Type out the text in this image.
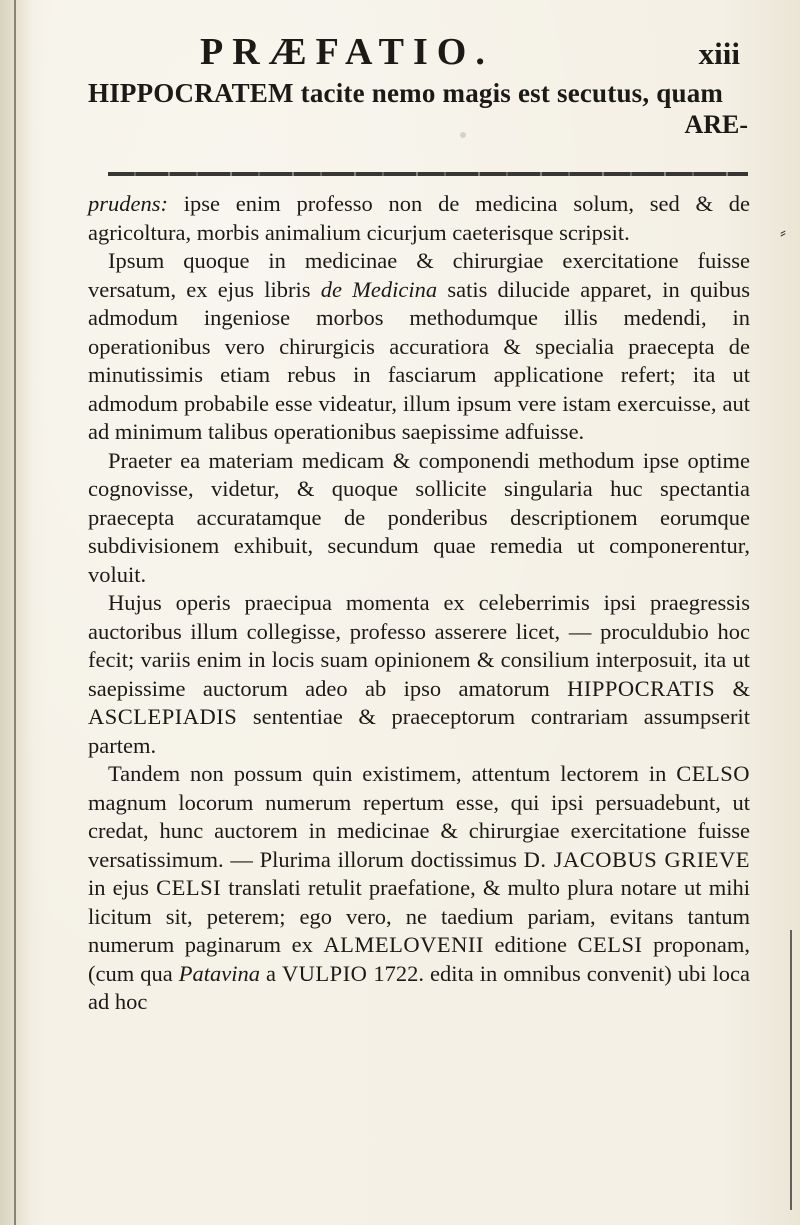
PRÆFATIO.	xiii
HIPPOCRATEM tacite nemo magis est secutus, quam
ARE-
⸗

prudens: ipse enim professo non de medicina solum, sed & de agricoltura, morbis animalium cicurjum caeterisque scripsit.

Ipsum quoque in medicinae & chirurgiae exercitatione fuisse versatum, ex ejus libris de Medicina satis dilucide apparet, in quibus admodum ingeniose morbos methodumque illis medendi, in operationibus vero chirurgicis accuratiora & specialia praecepta de minutissimis etiam rebus in fasciarum applicatione refert; ita ut admodum probabile esse videatur, illum ipsum vere istam exercuisse, aut ad minimum talibus operationibus saepissime adfuisse.

Praeter ea materiam medicam & componendi methodum ipse optime cognovisse, videtur, & quoque sollicite singularia huc spectantia praecepta accuratamque de ponderibus descriptionem eorumque subdivisionem exhibuit, secundum quae remedia ut componerentur, voluit.

Hujus operis praecipua momenta ex celeberrimis ipsi praegressis auctoribus illum collegisse, professo asserere licet, — proculdubio hoc fecit; variis enim in locis suam opinionem & consilium interposuit, ita ut saepissime auctorum adeo ab ipso amatorum HIPPOCRATIS & ASCLEPIADIS sententiae & praeceptorum contrariam assumpserit partem.

Tandem non possum quin existimem, attentum lectorem in CELSO magnum locorum numerum repertum esse, qui ipsi persuadebunt, ut credat, hunc auctorem in medicinae & chirurgiae exercitatione fuisse versatissimum. — Plurima illorum doctissimus D. JACOBUS GRIEVE in ejus CELSI translati retulit praefatione, & multo plura notare ut mihi licitum sit, peterem; ego vero, ne taedium pariam, evitans tantum numerum paginarum ex ALMELOVENII editione CELSI proponam, (cum qua Patavina a VULPIO 1722. edita in omnibus convenit) ubi loca ad hoc
